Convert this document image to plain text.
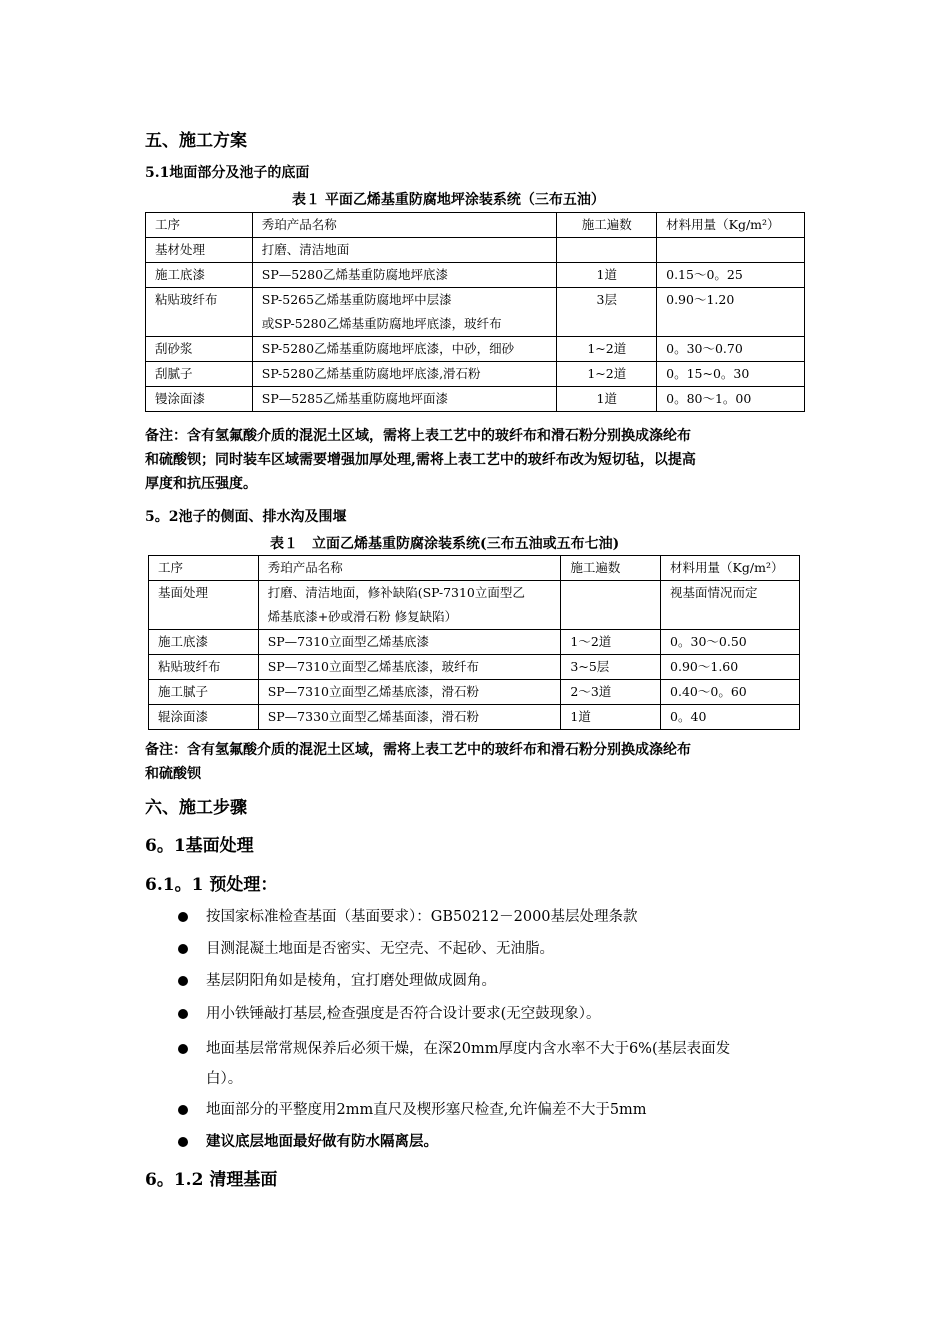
五、施工方案
5.1地面部分及池子的底面
表１ 平面乙烯基重防腐地坪涂装系统（三布五油）
工序	秀珀产品名称	施工遍数	材料用量（Kg/m²）
基材处理	打磨、清洁地面		
施工底漆	SP—5280乙烯基重防腐地坪底漆	1道	0.15～0。25
粘贴玻纤布	SP-5265乙烯基重防腐地坪中层漆
或SP-5280乙烯基重防腐地坪底漆，玻纤布	3层	0.90～1.20
刮砂浆	SP-5280乙烯基重防腐地坪底漆，中砂，细砂	1~2道	0。30～0.70
刮腻子	SP-5280乙烯基重防腐地坪底漆,滑石粉	1~2道	0。15~0。30
镘涂面漆	SP—5285乙烯基重防腐地坪面漆	1道	0。80～1。00
备注：含有氢氟酸介质的混泥土区域，需将上表工艺中的玻纤布和滑石粉分别换成涤纶布
和硫酸钡；同时装车区域需要增强加厚处理,需将上表工艺中的玻纤布改为短切毡，以提高
厚度和抗压强度。
5。2池子的侧面、排水沟及围堰
表１　立面乙烯基重防腐涂装系统(三布五油或五布七油)
工序	秀珀产品名称	施工遍数	材料用量（Kg/m²）
基面处理	打磨、清洁地面，修补缺陷(SP-7310立面型乙
烯基底漆+砂或滑石粉 修复缺陷）		视基面情况而定
施工底漆	SP—7310立面型乙烯基底漆	1～2道	0。30～0.50
粘贴玻纤布	SP—7310立面型乙烯基底漆，玻纤布	3~5层	0.90～1.60
施工腻子	SP—7310立面型乙烯基底漆，滑石粉	2～3道	0.40～0。60
辊涂面漆	SP—7330立面型乙烯基面漆，滑石粉	1道	0。40
备注：含有氢氟酸介质的混泥土区域，需将上表工艺中的玻纤布和滑石粉分别换成涤纶布
和硫酸钡
六、施工步骤
6。1基面处理
6.1。1 预处理：
按国家标准检查基面（基面要求）：GB50212－2000基层处理条款
目测混凝土地面是否密实、无空壳、不起砂、无油脂。
基层阴阳角如是棱角，宜打磨处理做成圆角。
用小铁锤敲打基层,检查强度是否符合设计要求(无空鼓现象）。
地面基层常常规保养后必须干燥，在深20mm厚度内含水率不大于6%(基层表面发
白）。
地面部分的平整度用2mm直尺及楔形塞尺检查,允许偏差不大于5mm
建议底层地面最好做有防水隔离层。
6。1.2 清理基面
